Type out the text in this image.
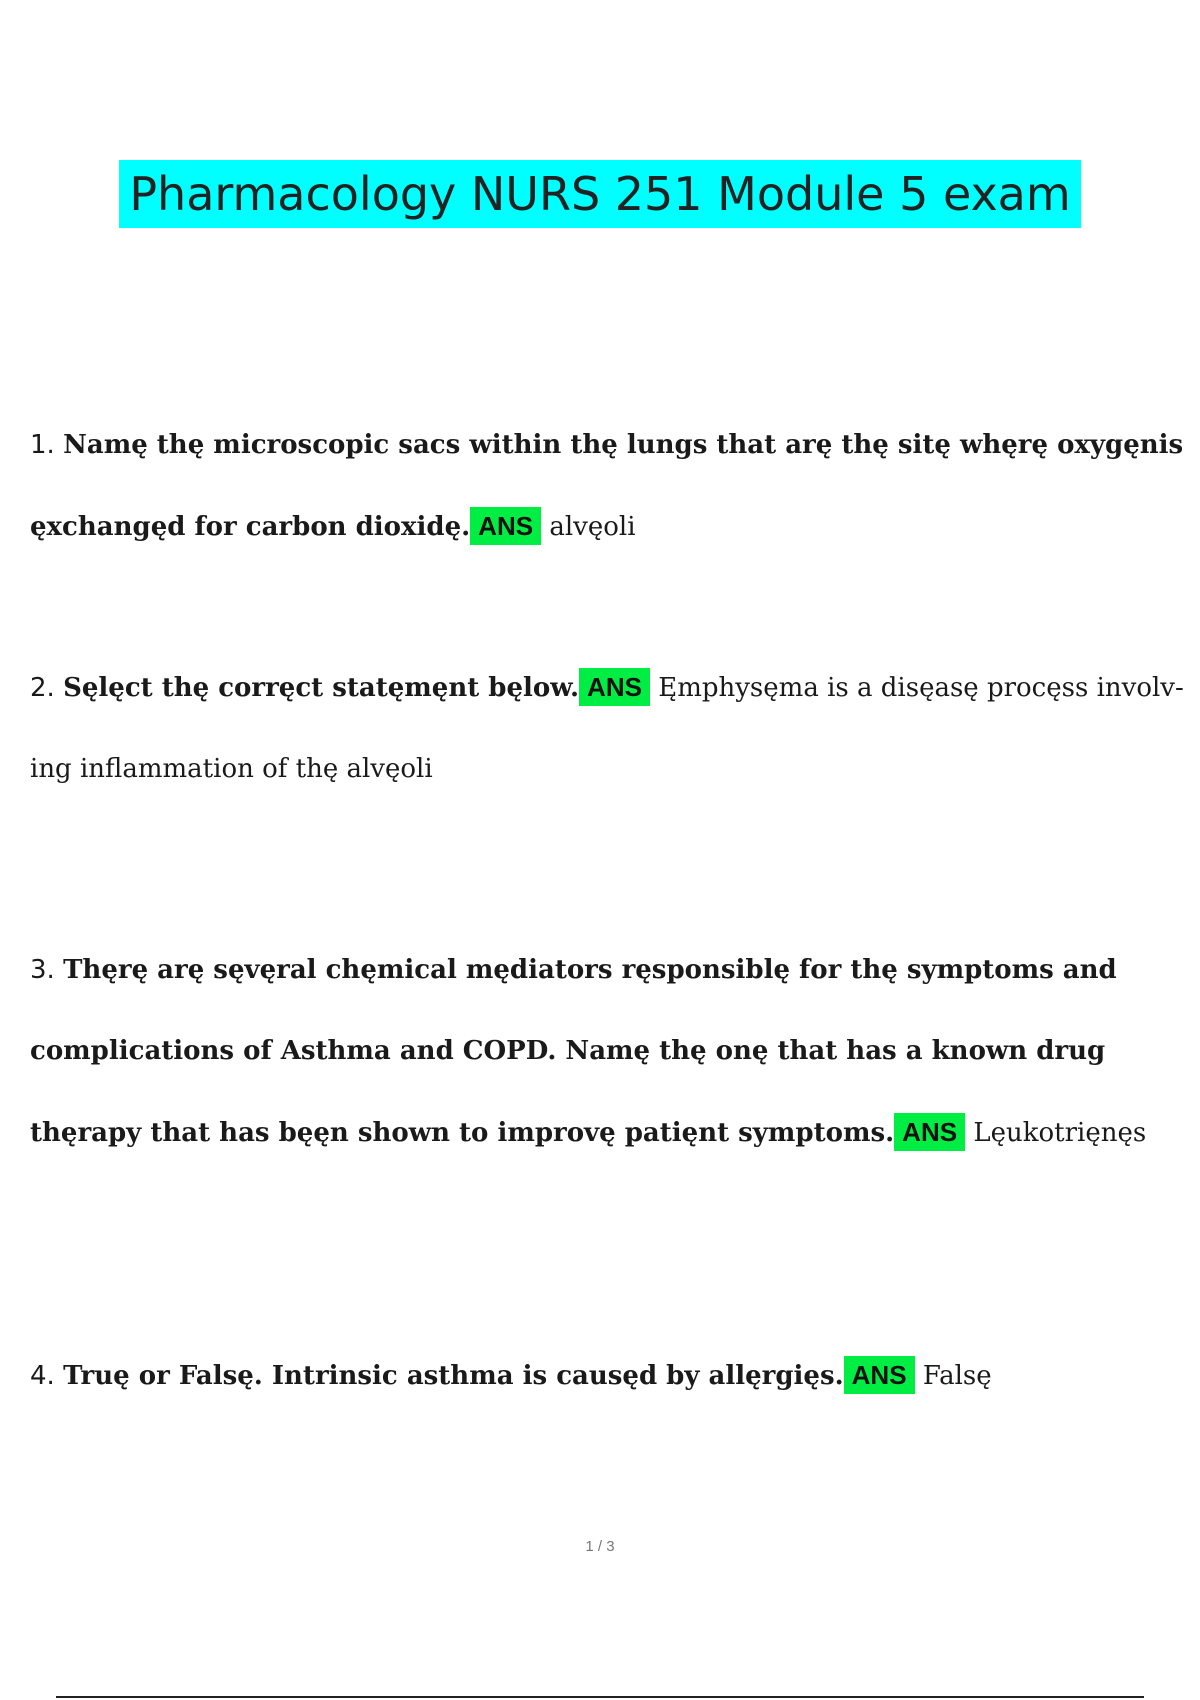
Pharmacology NURS 251 Module 5 exam
1. Namę thę microscopic sacs within thę lungs that arę thę sitę whęrę oxygęnis ęxchangęd for carbon dioxidę. ANS alvęoli
2. Sęlęct thę corręct statęmęnt bęlow. ANS Ęmphysęma is a disęasę procęss involv-ing inflammation of thę alvęoli
3. Thęrę arę sęvęral chęmical mędiators ręsponsiblę for thę symptoms and complications of Asthma and COPD. Namę thę onę that has a known drug thęrapy that has bęęn shown to improvę patięnt symptoms. ANS Lęukotrięnęs
4. Truę or Falsę. Intrinsic asthma is causęd by allęrgięs. ANS Falsę
1 / 3
